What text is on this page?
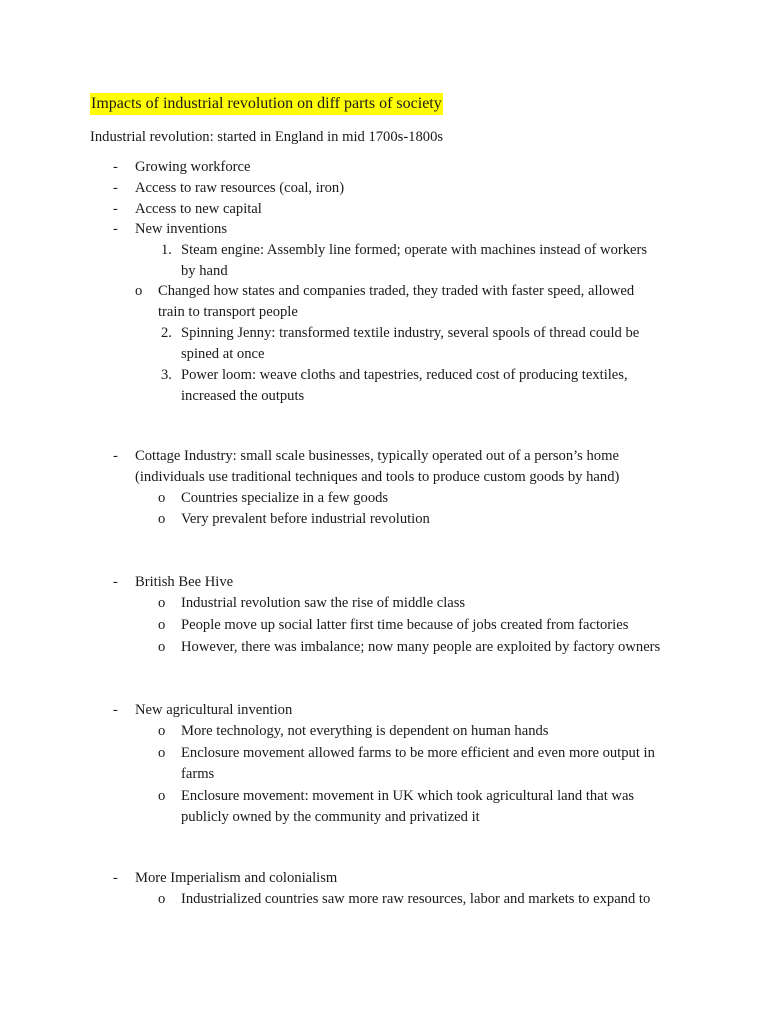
Impacts of industrial revolution on diff parts of society
Industrial revolution: started in England in mid 1700s-1800s
- Growing workforce
- Access to raw resources (coal, iron)
- Access to new capital
- New inventions
1. Steam engine: Assembly line formed; operate with machines instead of workers
by hand
o Changed how states and companies traded, they traded with faster speed, allowed
train to transport people
2. Spinning Jenny: transformed textile industry, several spools of thread could be
spined at once
3. Power loom: weave cloths and tapestries, reduced cost of producing textiles,
increased the outputs
- Cottage Industry: small scale businesses, typically operated out of a person’s home
(individuals use traditional techniques and tools to produce custom goods by hand)
o Countries specialize in a few goods
o Very prevalent before industrial revolution
- British Bee Hive
o Industrial revolution saw the rise of middle class
o People move up social latter first time because of jobs created from factories
o However, there was imbalance; now many people are exploited by factory owners
- New agricultural invention
o More technology, not everything is dependent on human hands
o Enclosure movement allowed farms to be more efficient and even more output in
farms
o Enclosure movement: movement in UK which took agricultural land that was
publicly owned by the community and privatized it
- More Imperialism and colonialism
o Industrialized countries saw more raw resources, labor and markets to expand to
